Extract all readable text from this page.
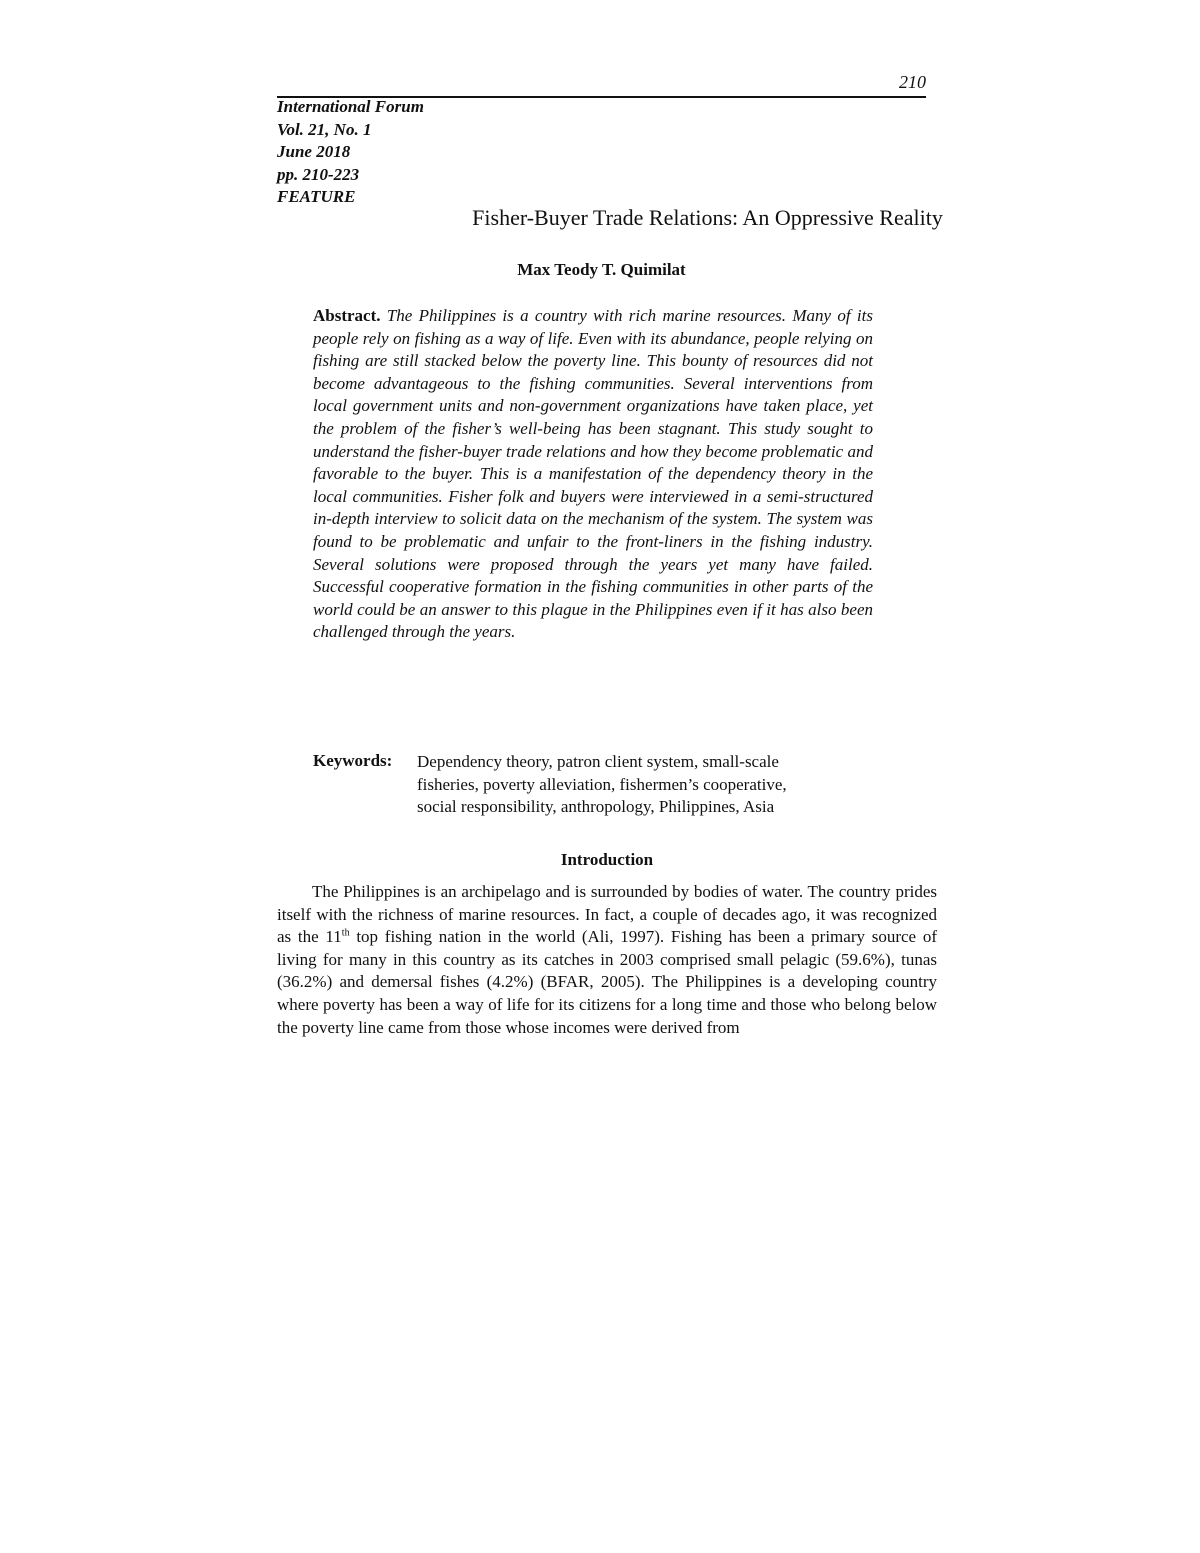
210
International Forum
Vol. 21, No. 1
June 2018
pp. 210-223
FEATURE
Fisher-Buyer Trade Relations: An Oppressive Reality
Max Teody T. Quimilat
Abstract. The Philippines is a country with rich marine resources. Many of its people rely on fishing as a way of life. Even with its abundance, people relying on fishing are still stacked below the poverty line. This bounty of resources did not become advantageous to the fishing communities. Several interventions from local government units and non-government organizations have taken place, yet the problem of the fisher’s well-being has been stagnant. This study sought to understand the fisher-buyer trade relations and how they become problematic and favorable to the buyer. This is a manifestation of the dependency theory in the local communities. Fisher folk and buyers were interviewed in a semi-structured in-depth interview to solicit data on the mechanism of the system. The system was found to be problematic and unfair to the front-liners in the fishing industry. Several solutions were proposed through the years yet many have failed. Successful cooperative formation in the fishing communities in other parts of the world could be an answer to this plague in the Philippines even if it has also been challenged through the years.
Keywords: Dependency theory, patron client system, small-scale
fisheries, poverty alleviation, fishermen’s cooperative,
social responsibility, anthropology, Philippines, Asia
Introduction
The Philippines is an archipelago and is surrounded by bodies of water. The country prides itself with the richness of marine resources. In fact, a couple of decades ago, it was recognized as the 11th top fishing nation in the world (Ali, 1997). Fishing has been a primary source of living for many in this country as its catches in 2003 comprised small pelagic (59.6%), tunas (36.2%) and demersal fishes (4.2%) (BFAR, 2005). The Philippines is a developing country where poverty has been a way of life for its citizens for a long time and those who belong below the poverty line came from those whose incomes were derived from
